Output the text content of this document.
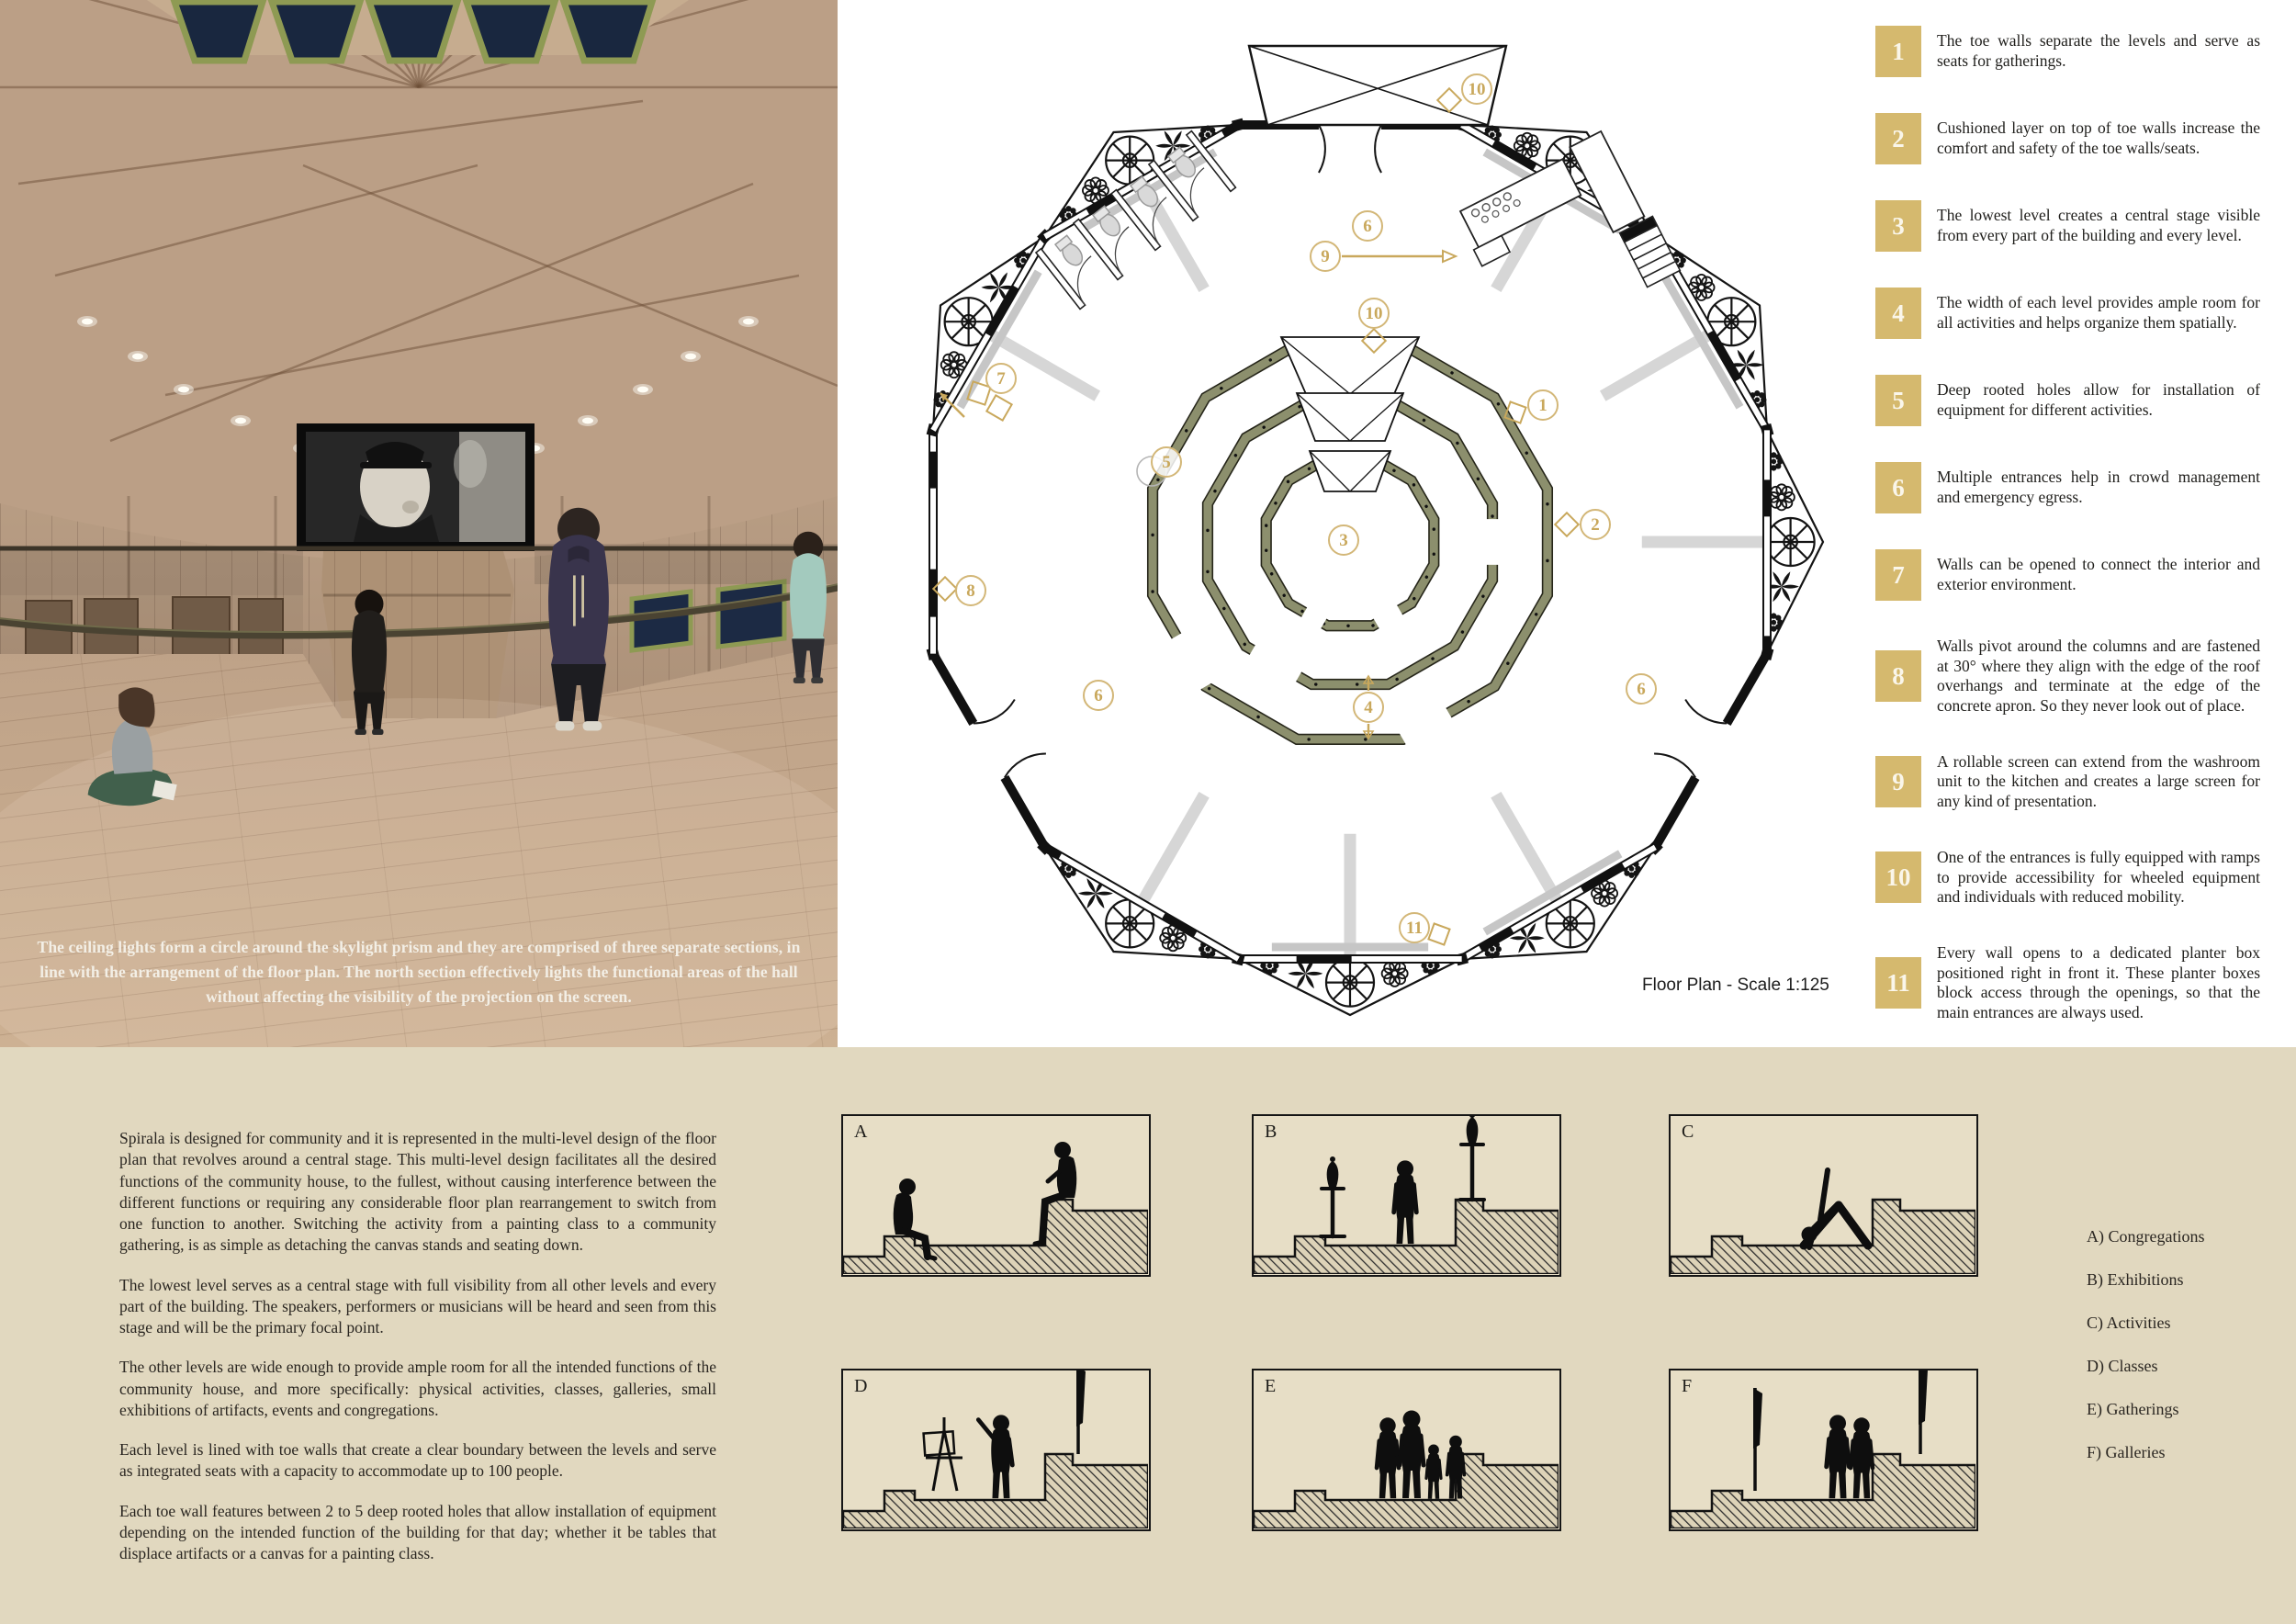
The ceiling lights form a circle around the skylight prism and they are comprised of three separate sections, in line with the arrangement of the floor plan. The north section effectively lights the functional areas of the hall without affecting the visibility of the projection on the screen.
10
6
9
10
7
1
5
2
3
8
6	6
4
11
Floor Plan - Scale 1:125
1	The toe walls separate the levels and serve as seats for gatherings.
2	Cushioned layer on top of toe walls increase the comfort and safety of the toe walls/seats.
3	The lowest level creates a central stage visible from every part of the building and every level.
4	The width of each level provides ample room for all activities and helps organize them spatially.
5	Deep rooted holes allow for installation of equipment for different activities.
6	Multiple entrances help in crowd management and emergency egress.
7	Walls can be opened to connect the interior and exterior environment.
8
Walls pivot around the columns and are fastened at 30° where they align with the edge of the roof overhangs and terminate at the edge of the concrete apron. So they never look out of place.
9
A rollable screen can extend from the washroom unit to the kitchen and creates a large screen for any kind of presentation.
10
One of the entrances is fully equipped with ramps to provide accessibility for wheeled equipment and individuals with reduced mobility.
11
Every wall opens to a dedicated planter box positioned right in front it. These planter boxes block access through the openings, so that the main entrances are always used.

Spirala is designed for community and it is represented in the multi-level design of the floor plan that revolves around a central stage. This multi-level design facilitates all the desired functions of the community house, to the fullest, without causing interference between the different functions or requiring any considerable floor plan rearrangement to switch from one function to another. Switching the activity from a painting class to a community gathering, is as simple as detaching the canvas stands and seating down.

The lowest level serves as a central stage with full visibility from all other levels and every part of the building. The speakers, performers or musicians will be heard and seen from this stage and will be the primary focal point.

The other levels are wide enough to provide ample room for all the intended functions of the community house, and more specifically: physical activities, classes, galleries, small exhibitions of artifacts, events and congregations.

Each level is lined with toe walls that create a clear boundary between the levels and serve as integrated seats with a capacity to accommodate up to 100 people.

Each toe wall features between 2 to 5 deep rooted holes that allow installation of equipment depending on the intended function of the building for that day; whether it be tables that displace artifacts or a canvas for a painting class.

A	B	C
D	E	F
A) Congregations
B) Exhibitions
C) Activities
D) Classes
E) Gatherings
F) Galleries
